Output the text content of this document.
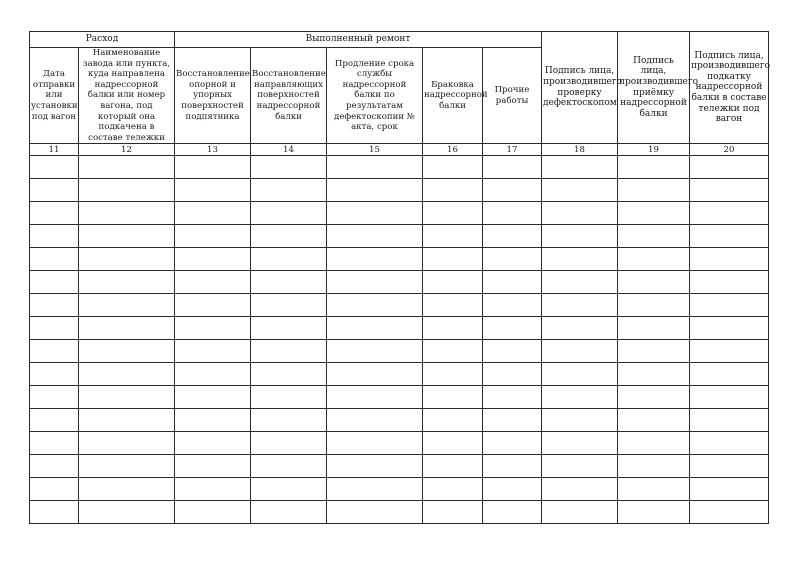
Расход		Выполненный ремонт					Подпись лица, производившего проверку дефектоскопом	Подпись лица, производившего приёмку надрессорной балки	Подпись лица, производившего подкатку надрессорной балки в составе тележки под вагон
Дата отправки или установки под вагон	Наименование завода или пункта, куда направлена надрессорной балки или номер вагона, под который она подкачена в составе тележки	Восстановление опорной и упорных поверхностей подпятника	Восстановление направляющих поверхностей надрессорной балки	Продление срока службы надрессорной балки по результатам дефектоскопии № акта, срок	Браковка надрессорной балки	Прочие работы			
11	12	13	14	15	16	17	18	19	20
